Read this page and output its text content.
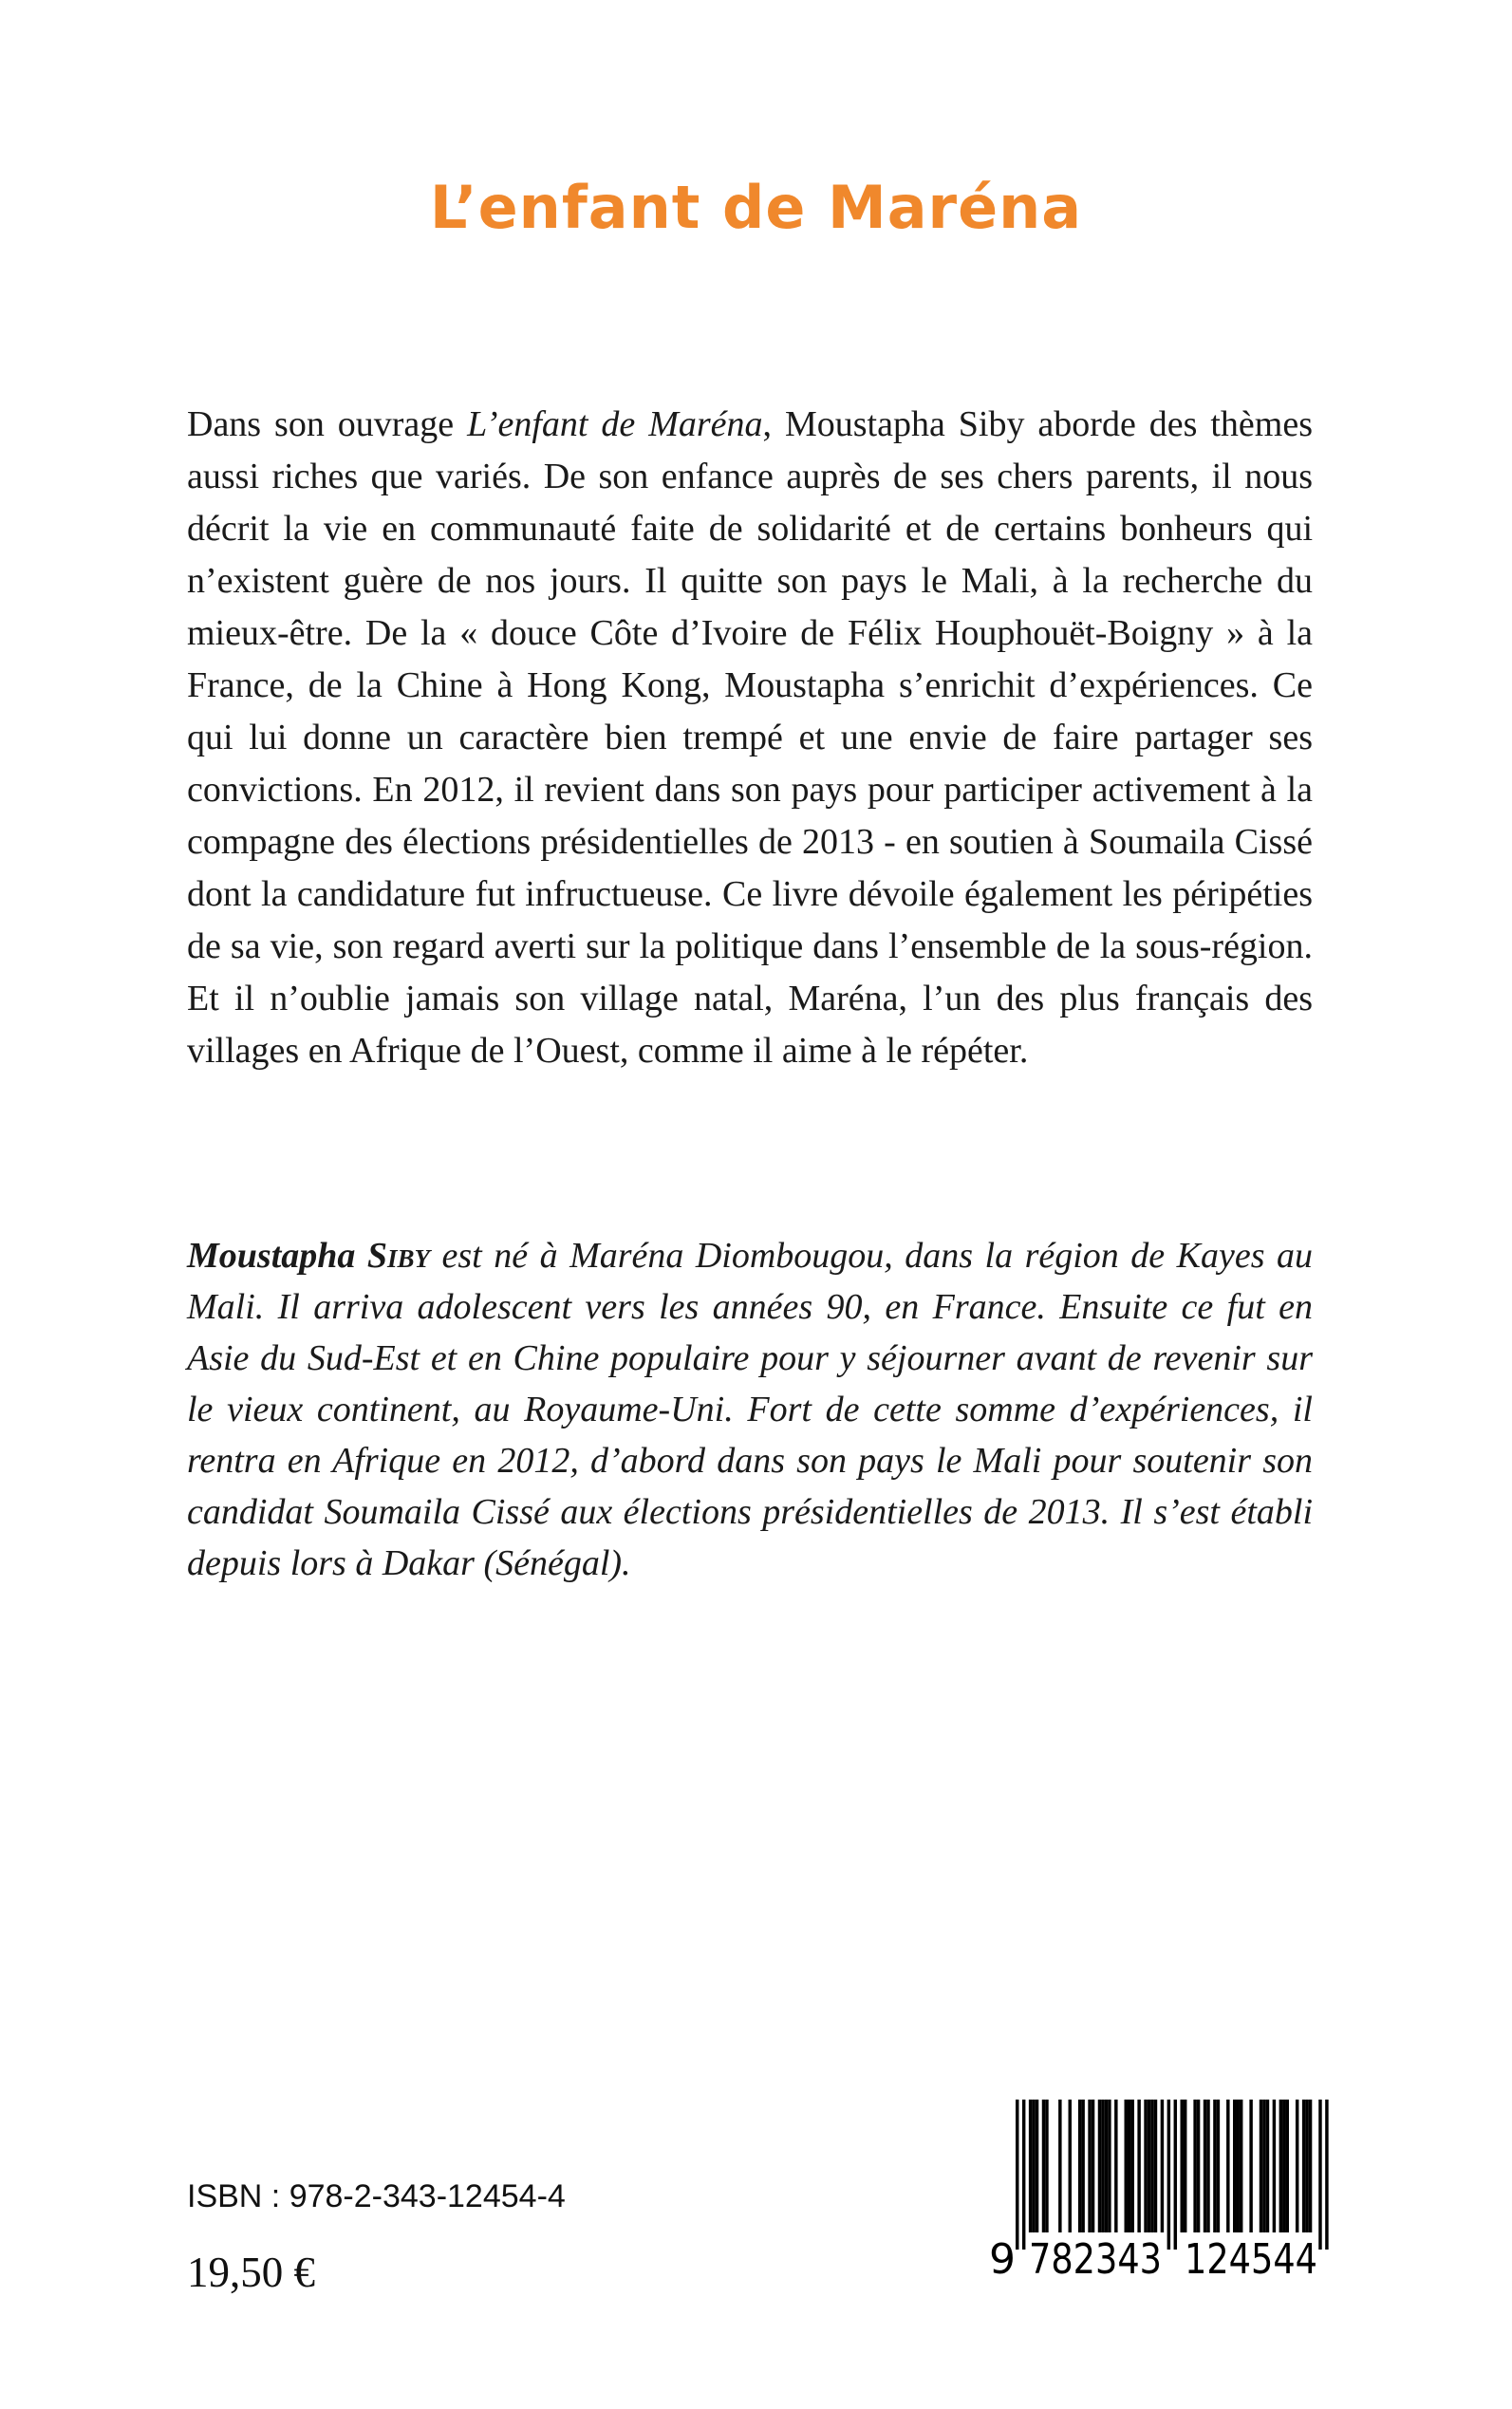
L’enfant de Maréna

Dans son ouvrage L’enfant de Maréna, Moustapha Siby aborde des thèmes aussi riches que variés. De son enfance auprès de ses chers parents, il nous décrit la vie en communauté faite de solidarité et de certains bonheurs qui n’existent guère de nos jours. Il quitte son pays le Mali, à la recherche du mieux-être. De la « douce Côte d’Ivoire de Félix Houphouët-Boigny » à la France, de la Chine à Hong Kong, Moustapha s’enrichit d’expériences. Ce qui lui donne un caractère bien trempé et une envie de faire partager ses convictions. En 2012, il revient dans son pays pour participer activement à la compagne des élections présidentielles de 2013 - en soutien à Soumaila Cissé dont la candidature fut infructueuse. Ce livre dévoile également les péripéties de sa vie, son regard averti sur la politique dans l’ensemble de la sous-région. Et il n’oublie jamais son village natal, Maréna, l’un des plus français des villages en Afrique de l’Ouest, comme il aime à le répéter.

Moustapha Siby est né à Maréna Diombougou, dans la région de Kayes au Mali. Il arriva adolescent vers les années 90, en France. Ensuite ce fut en Asie du Sud-Est et en Chine populaire pour y séjourner avant de revenir sur le vieux continent, au Royaume-Uni. Fort de cette somme d’expériences, il rentra en Afrique en 2012, d’abord dans son pays le Mali pour soutenir son candidat Soumaila Cissé aux élections présidentielles de 2013. Il s’est établi depuis lors à Dakar (Sénégal).

ISBN : 978-2-343-12454-4
19,50 €	9 782343 124544
